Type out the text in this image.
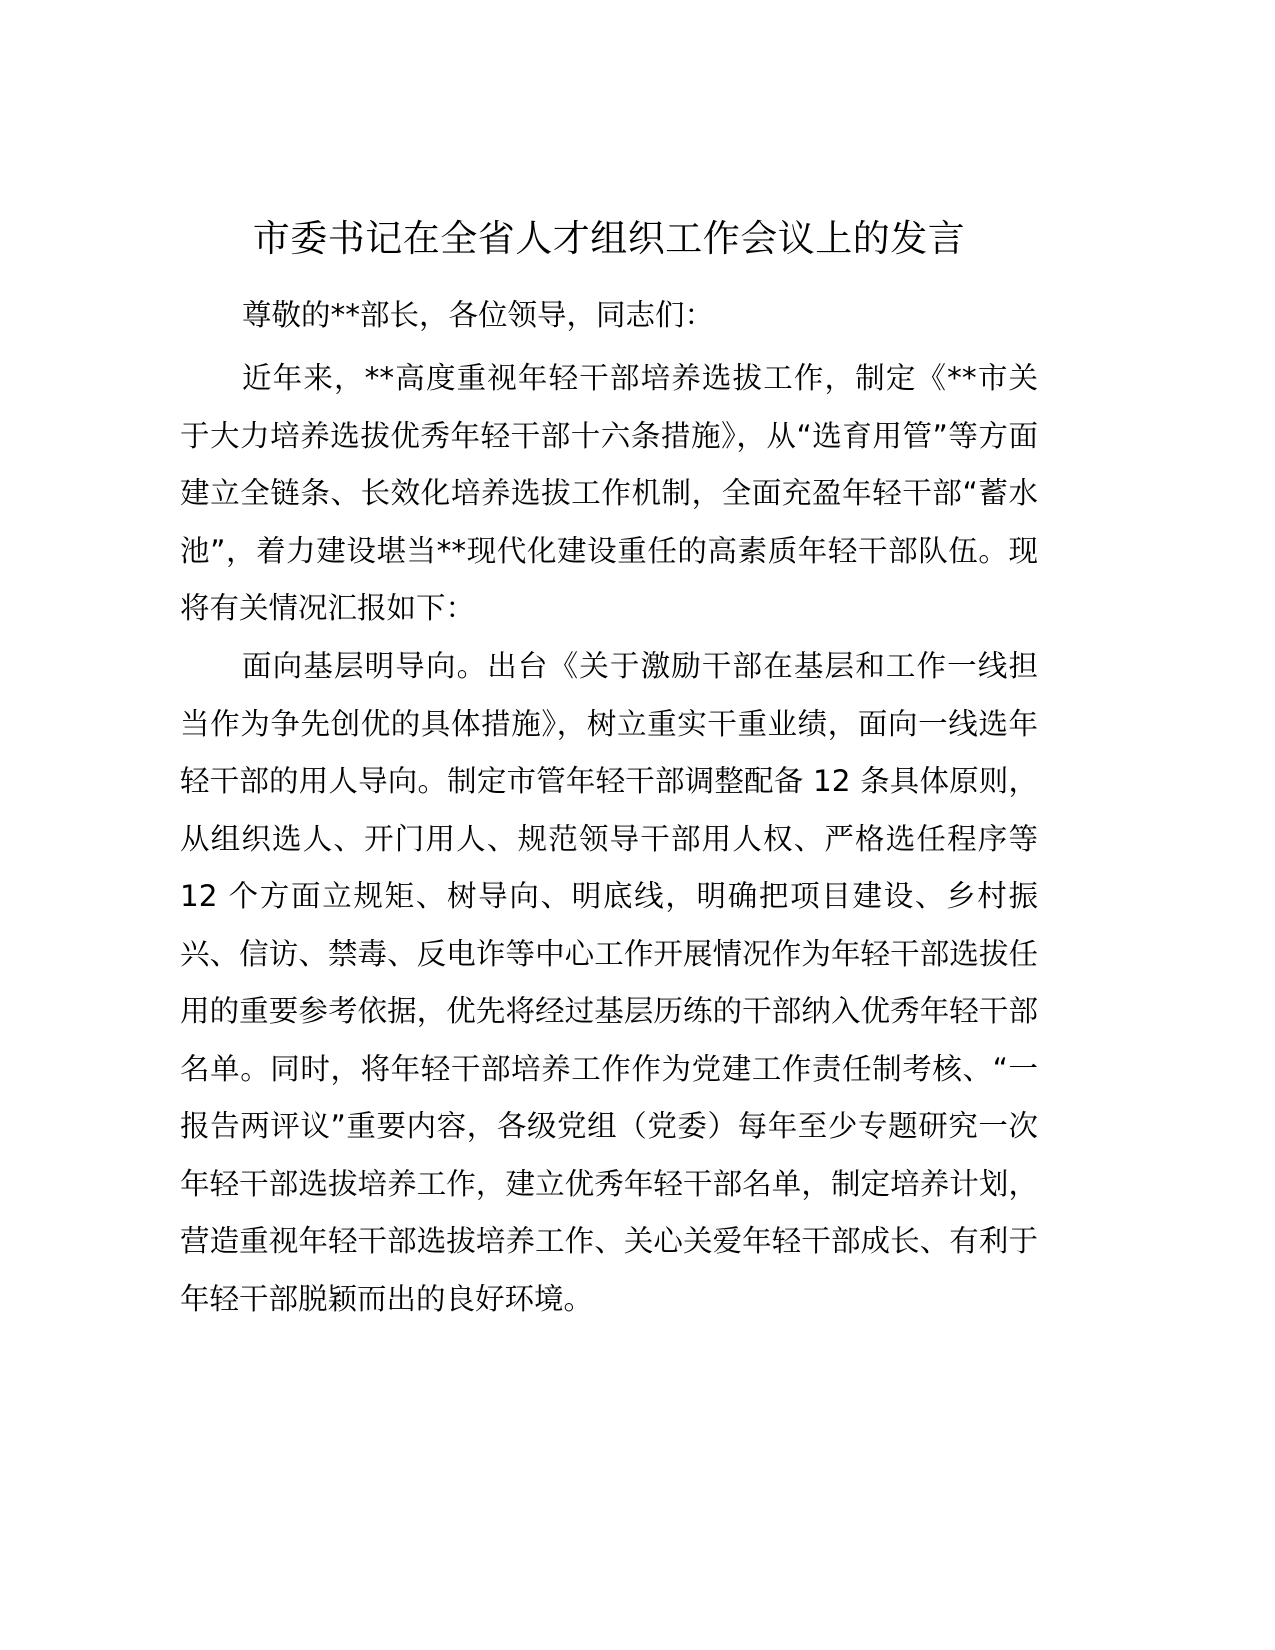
市委书记在全省人才组织工作会议上的发言
尊敬的**部长，各位领导，同志们：
近年来，**高度重视年轻干部培养选拔工作，制定《**市关于大力培养选拔优秀年轻干部十六条措施》，从“选育用管”等方面建立全链条、长效化培养选拔工作机制，全面充盈年轻干部“蓄水池”，着力建设堪当**现代化建设重任的高素质年轻干部队伍。现将有关情况汇报如下：
面向基层明导向。出台《关于激励干部在基层和工作一线担当作为争先创优的具体措施》，树立重实干重业绩，面向一线选年轻干部的用人导向。制定市管年轻干部调整配备 12 条具体原则，从组织选人、开门用人、规范领导干部用人权、严格选任程序等 12 个方面立规矩、树导向、明底线，明确把项目建设、乡村振兴、信访、禁毒、反电诈等中心工作开展情况作为年轻干部选拔任用的重要参考依据，优先将经过基层历练的干部纳入优秀年轻干部名单。同时，将年轻干部培养工作作为党建工作责任制考核、“一报告两评议”重要内容，各级党组（党委）每年至少专题研究一次年轻干部选拔培养工作，建立优秀年轻干部名单，制定培养计划，营造重视年轻干部选拔培养工作、关心关爱年轻干部成长、有利于年轻干部脱颖而出的良好环境。
